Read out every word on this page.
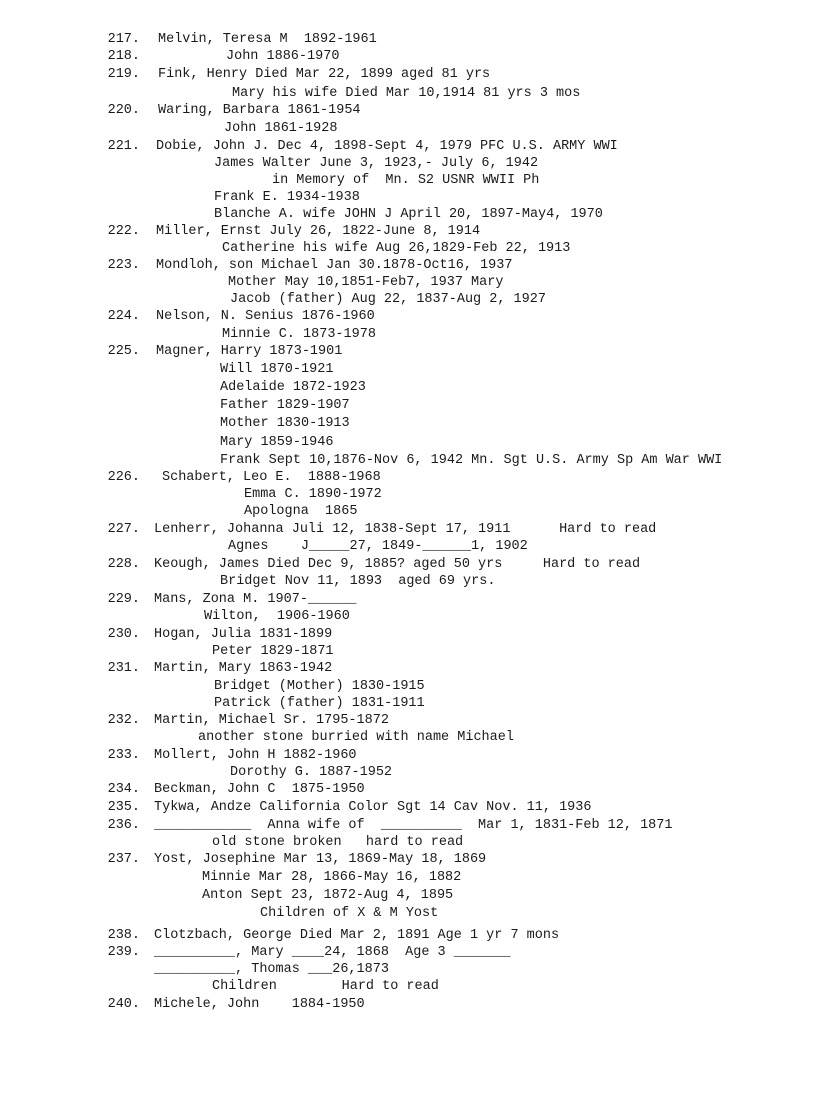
217. Melvin, Teresa M  1892-1961
218.	John 1886-1970
219. Fink, Henry Died Mar 22, 1899 aged 81 yrs
Mary his wife Died Mar 10,1914 81 yrs 3 mos
220. Waring, Barbara 1861-1954
John 1861-1928
221. Dobie, John J. Dec 4, 1898-Sept 4, 1979 PFC U.S. ARMY WWI
James Walter June 3, 1923,- July 6, 1942
in Memory of  Mn. S2 USNR WWII Ph
Frank E. 1934-1938
Blanche A. wife JOHN J April 20, 1897-May4, 1970
222. Miller, Ernst July 26, 1822-June 8, 1914
Catherine his wife Aug 26,1829-Feb 22, 1913
223. Mondloh, son Michael Jan 30.1878-Oct16, 1937
Mother May 10,1851-Feb7, 1937 Mary
Jacob (father) Aug 22, 1837-Aug 2, 1927
224. Nelson, N. Senius 1876-1960
Minnie C. 1873-1978
225. Magner, Harry 1873-1901
Will 1870-1921
Adelaide 1872-1923
Father 1829-1907
Mother 1830-1913
Mary 1859-1946
Frank Sept 10,1876-Nov 6, 1942 Mn. Sgt U.S. Army Sp Am War WWI
226. Schabert, Leo E.  1888-1968
Emma C. 1890-1972
Apologna  1865
227. Lenherr, Johanna Juli 12, 1838-Sept 17, 1911      Hard to read
Agnes    J_____27, 1849-______1, 1902
228. Keough, James Died Dec 9, 1885? aged 50 yrs     Hard to read
Bridget Nov 11, 1893  aged 69 yrs.
229. Mans, Zona M. 1907-______
Wilton,  1906-1960
230. Hogan, Julia 1831-1899
Peter 1829-1871
231. Martin, Mary 1863-1942
Bridget (Mother) 1830-1915
Patrick (father) 1831-1911
232. Martin, Michael Sr. 1795-1872
another stone burried with name Michael
233. Mollert, John H 1882-1960
Dorothy G. 1887-1952
234. Beckman, John C  1875-1950
235. Tykwa, Andze California Color Sgt 14 Cav Nov. 11, 1936
236. ____________  Anna wife of  __________  Mar 1, 1831-Feb 12, 1871
old stone broken   hard to read
237. Yost, Josephine Mar 13, 1869-May 18, 1869
Minnie Mar 28, 1866-May 16, 1882
Anton Sept 23, 1872-Aug 4, 1895
Children of X & M Yost
238. Clotzbach, George Died Mar 2, 1891 Age 1 yr 7 mons
239. __________, Mary ____24, 1868  Age 3 _______
__________, Thomas ___26,1873
Children        Hard to read
240. Michele, John    1884-1950
